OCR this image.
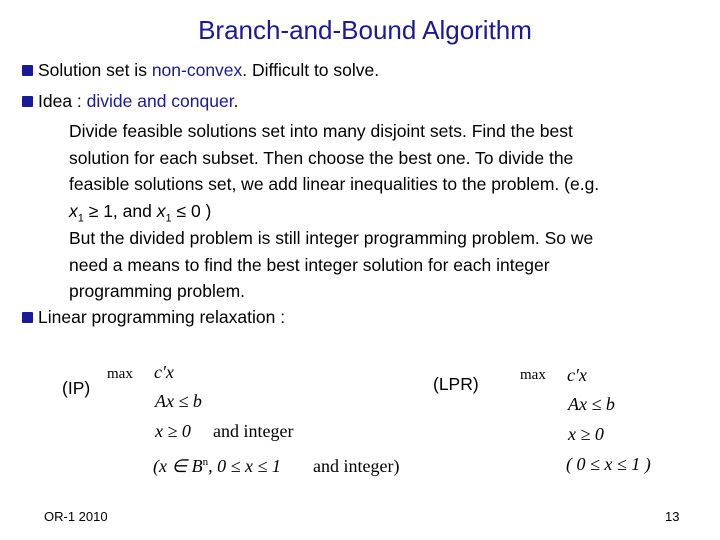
Branch-and-Bound Algorithm
Solution set is non-convex. Difficult to solve.
Idea : divide and conquer.
Divide feasible solutions set into many disjoint sets. Find the best
solution for each subset. Then choose the best one. To divide the
feasible solutions set, we add linear inequalities to the problem. (e.g.
$x_1 \ge 1$, and $x_1 \le 0$ )
But the divided problem is still integer programming problem. So we
need a means to find the best integer solution for each integer
programming problem.
Linear programming relaxation :
(IP)
max c′x
Ax ≤ b
x ≥ 0 and integer
(x ∈ $B^n$, 0 ≤ x ≤ 1 and integer)
(LPR)	max c′x
Ax ≤ b
x ≥ 0
( 0 ≤ x ≤ 1 )
OR-1 2010	13
